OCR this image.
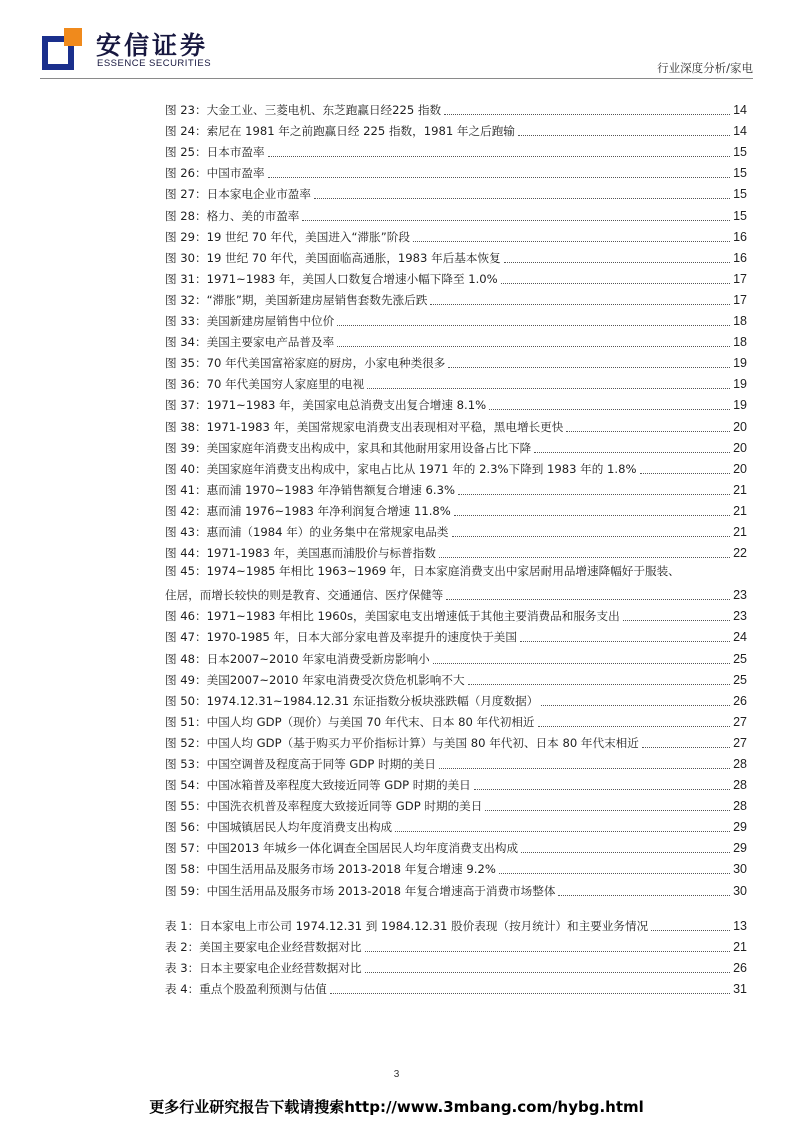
安信证券
ESSENCE SECURITIES	行业深度分析/家电
图 23：大金工业、三菱电机、东芝跑赢日经225 指数	14
图 24：索尼在 1981 年之前跑赢日经 225 指数，1981 年之后跑输	14
图 25：日本市盈率	15
图 26：中国市盈率	15
图 27：日本家电企业市盈率	15
图 28：格力、美的市盈率	15
图 29：19 世纪 70 年代，美国进入“滞胀”阶段	16
图 30：19 世纪 70 年代，美国面临高通胀，1983 年后基本恢复	16
图 31：1971~1983 年，美国人口数复合增速小幅下降至 1.0%	17
图 32：“滞胀”期，美国新建房屋销售套数先涨后跌	17
图 33：美国新建房屋销售中位价	18
图 34：美国主要家电产品普及率	18
图 35：70 年代美国富裕家庭的厨房，小家电种类很多	19
图 36：70 年代美国穷人家庭里的电视	19
图 37：1971~1983 年，美国家电总消费支出复合增速 8.1%	19
图 38：1971-1983 年，美国常规家电消费支出表现相对平稳，黑电增长更快	20
图 39：美国家庭年消费支出构成中，家具和其他耐用家用设备占比下降	20
图 40：美国家庭年消费支出构成中，家电占比从 1971 年的 2.3%下降到 1983 年的 1.8%	20
图 41：惠而浦 1970~1983 年净销售额复合增速 6.3%	21
图 42：惠而浦 1976~1983 年净利润复合增速 11.8%	21
图 43：惠而浦（1984 年）的业务集中在常规家电品类	21
图 44：1971-1983 年，美国惠而浦股价与标普指数	22
图 45：1974~1985 年相比 1963~1969 年，日本家庭消费支出中家居耐用品增速降幅好于服装、
住居，而增长较快的则是教育、交通通信、医疗保健等	23
图 46：1971~1983 年相比 1960s，美国家电支出增速低于其他主要消费品和服务支出	23
图 47：1970-1985 年，日本大部分家电普及率提升的速度快于美国	24
图 48：日本2007~2010 年家电消费受新房影响小	25
图 49：美国2007~2010 年家电消费受次贷危机影响不大	25
图 50：1974.12.31~1984.12.31 东证指数分板块涨跌幅（月度数据）	26
图 51：中国人均 GDP（现价）与美国 70 年代末、日本 80 年代初相近	27
图 52：中国人均 GDP（基于购买力平价指标计算）与美国 80 年代初、日本 80 年代末相近	27
图 53：中国空调普及程度高于同等 GDP 时期的美日	28
图 54：中国冰箱普及率程度大致接近同等 GDP 时期的美日	28
图 55：中国洗衣机普及率程度大致接近同等 GDP 时期的美日	28
图 56：中国城镇居民人均年度消费支出构成	29
图 57：中国2013 年城乡一体化调查全国居民人均年度消费支出构成	29
图 58：中国生活用品及服务市场 2013-2018 年复合增速 9.2%	30
图 59：中国生活用品及服务市场 2013-2018 年复合增速高于消费市场整体	30
表 1：日本家电上市公司 1974.12.31 到 1984.12.31 股价表现（按月统计）和主要业务情况	13
表 2：美国主要家电企业经营数据对比	21
表 3：日本主要家电企业经营数据对比	26
表 4：重点个股盈利预测与估值	31
3
更多行业研究报告下载请搜索http://www.3mbang.com/hybg.html
